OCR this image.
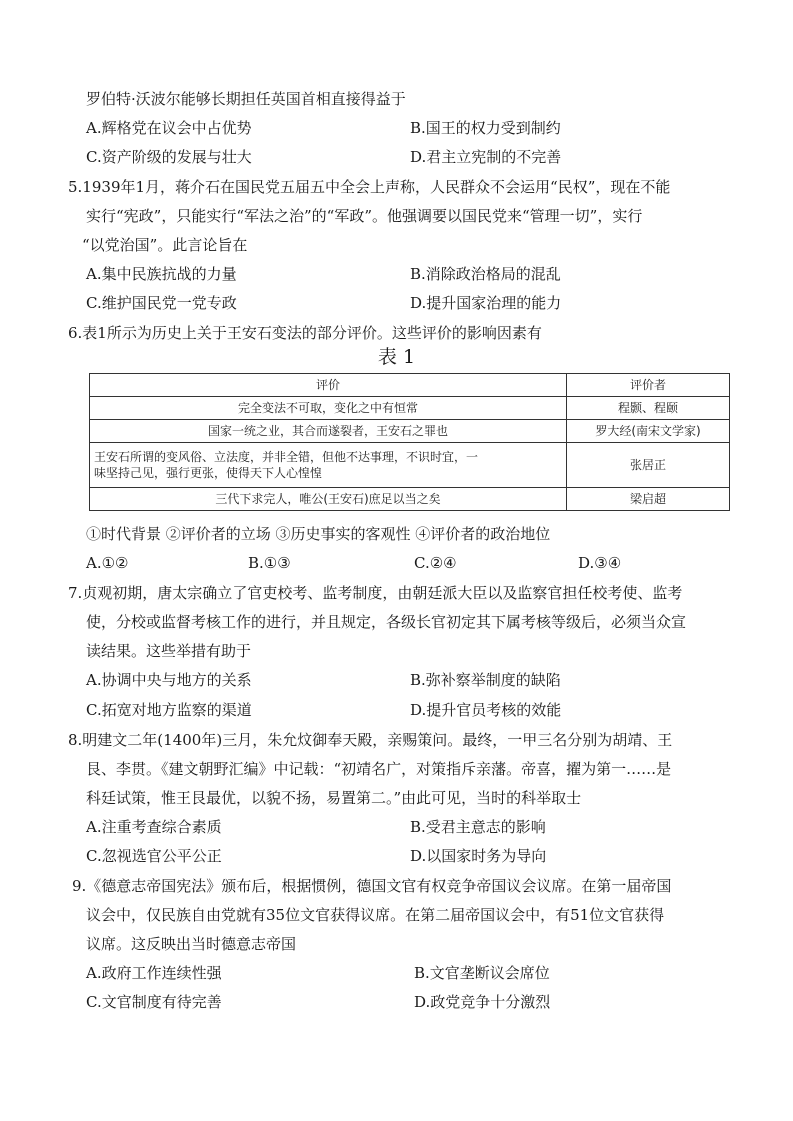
罗伯特·沃波尔能够长期担任英国首相直接得益于
A.辉格党在议会中占优势	B.国王的权力受到制约
C.资产阶级的发展与壮大	D.君主立宪制的不完善
5.1939年1月，蒋介石在国民党五届五中全会上声称，人民群众不会运用“民权”，现在不能
实行“宪政”，只能实行“军法之治”的“军政”。他强调要以国民党来“管理一切”，实行
“以党治国”。此言论旨在
A.集中民族抗战的力量	B.消除政治格局的混乱
C.维护国民党一党专政	D.提升国家治理的能力
6.表1所示为历史上关于王安石变法的部分评价。这些评价的影响因素有
表 1
评价	评价者
完全变法不可取，变化之中有恒常	程颢、程颐
国家一统之业，其合而遂裂者，王安石之罪也	罗大经(南宋文学家)

王安石所谓的变风俗、立法度，并非全错，但他不达事理，不识时宜，一
味坚持己见，强行更张，使得天下人心惶惶	张居正
三代下求完人，唯公(王安石)庶足以当之矣	梁启超
①时代背景 ②评价者的立场 ③历史事实的客观性 ④评价者的政治地位
A.①②	B.①③	C.②④	D.③④
7.贞观初期，唐太宗确立了官吏校考、监考制度，由朝廷派大臣以及监察官担任校考使、监考
使，分校或监督考核工作的进行，并且规定，各级长官初定其下属考核等级后，必须当众宣
读结果。这些举措有助于
A.协调中央与地方的关系	B.弥补察举制度的缺陷
C.拓宽对地方监察的渠道	D.提升官员考核的效能
8.明建文二年(1400年)三月，朱允炆御奉天殿，亲赐策问。最终，一甲三名分别为胡靖、王
艮、李贯。《建文朝野汇编》中记载：“初靖名广，对策指斥亲藩。帝喜，擢为第一……是
科廷试策，惟王艮最优，以貌不扬，易置第二。”由此可见，当时的科举取士
A.注重考查综合素质	B.受君主意志的影响
C.忽视选官公平公正	D.以国家时务为导向
9.《德意志帝国宪法》颁布后，根据惯例，德国文官有权竞争帝国议会议席。在第一届帝国
议会中，仅民族自由党就有35位文官获得议席。在第二届帝国议会中，有51位文官获得
议席。这反映出当时德意志帝国
A.政府工作连续性强	B.文官垄断议会席位
C.文官制度有待完善	D.政党竞争十分激烈
